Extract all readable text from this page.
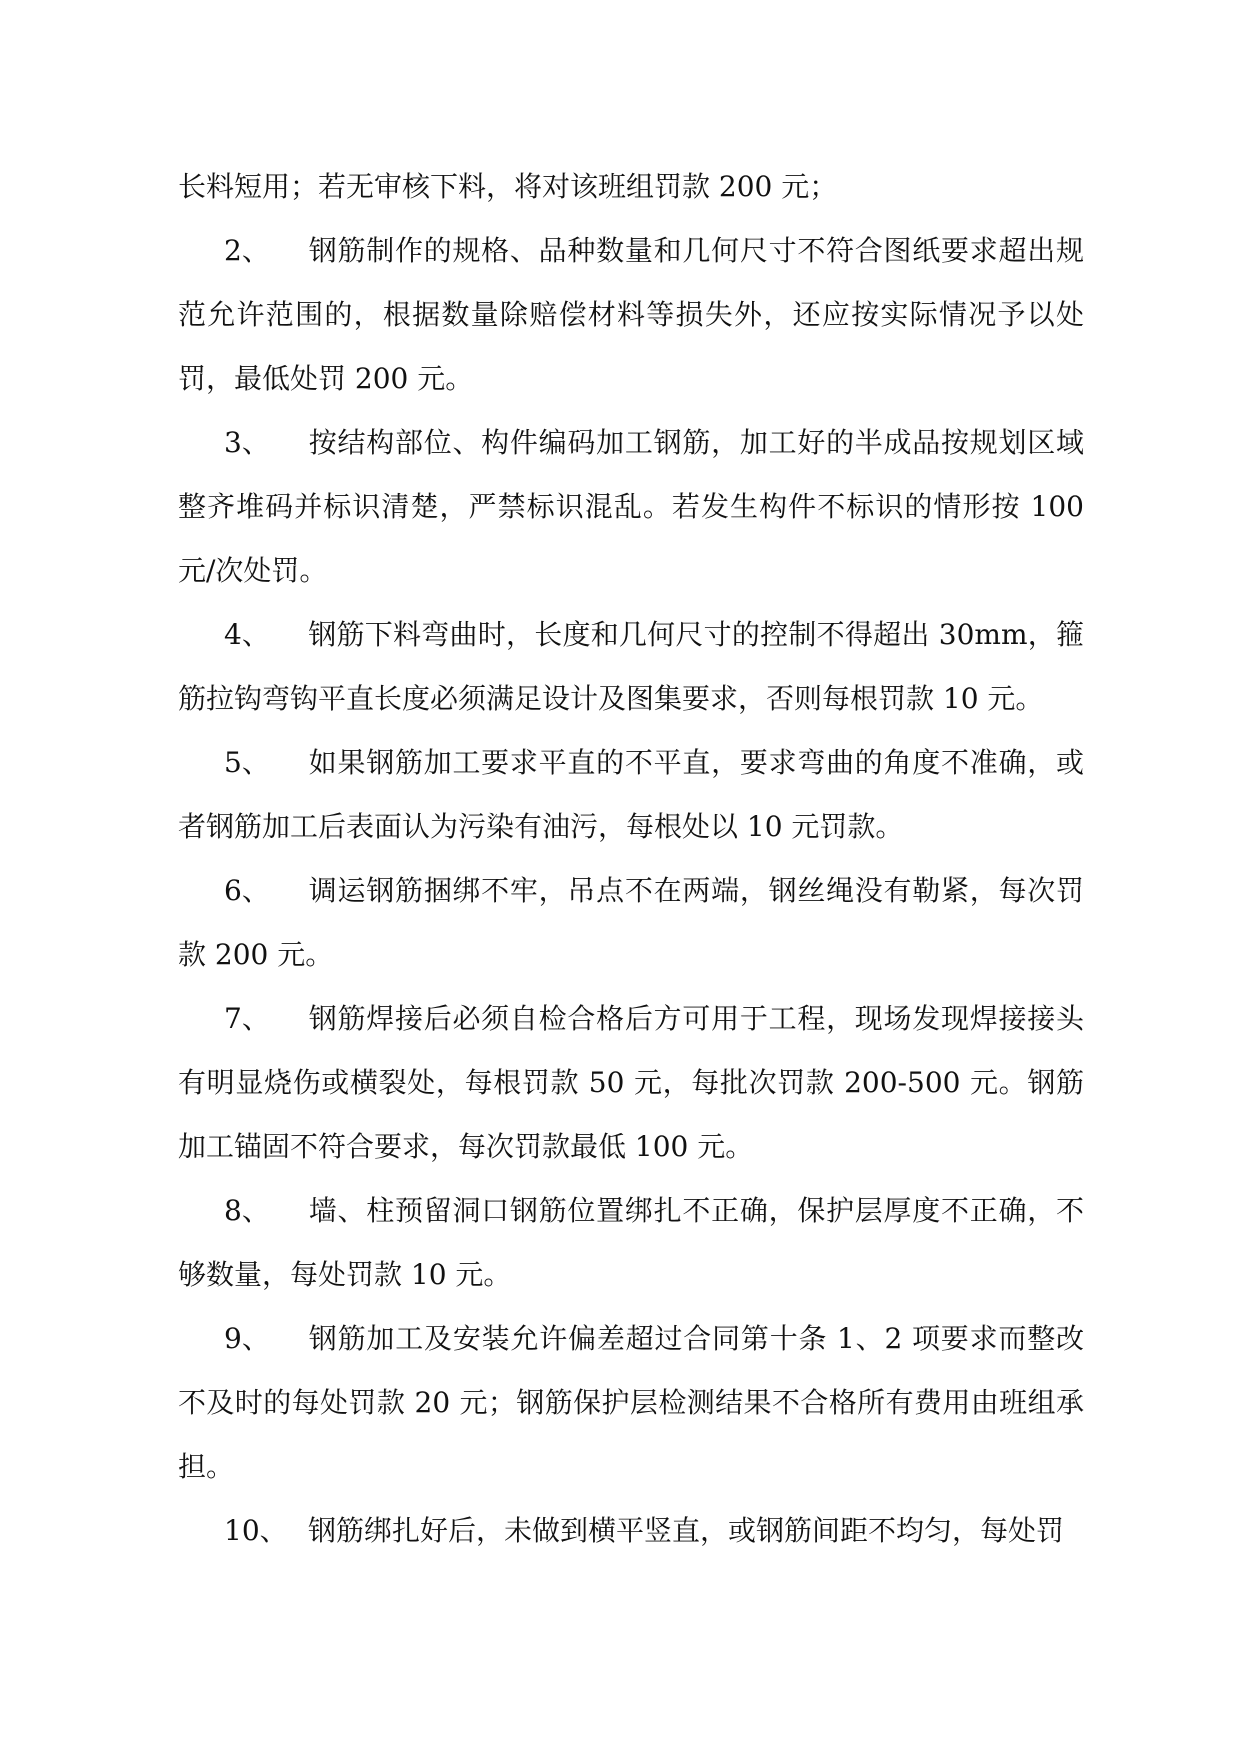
长料短用；若无审核下料，将对该班组罚款 200 元；

2、 钢筋制作的规格、品种数量和几何尺寸不符合图纸要求超出规范允许范围的，根据数量除赔偿材料等损失外，还应按实际情况予以处罚，最低处罚 200 元。

3、 按结构部位、构件编码加工钢筋，加工好的半成品按规划区域整齐堆码并标识清楚，严禁标识混乱。若发生构件不标识的情形按 100 元/次处罚。

4、 钢筋下料弯曲时，长度和几何尺寸的控制不得超出 30mm，箍筋拉钩弯钩平直长度必须满足设计及图集要求，否则每根罚款 10 元。

5、 如果钢筋加工要求平直的不平直，要求弯曲的角度不准确，或者钢筋加工后表面认为污染有油污，每根处以 10 元罚款。

6、 调运钢筋捆绑不牢，吊点不在两端，钢丝绳没有勒紧，每次罚款 200 元。

7、 钢筋焊接后必须自检合格后方可用于工程，现场发现焊接接头有明显烧伤或横裂处，每根罚款 50 元，每批次罚款 200-500 元。钢筋加工锚固不符合要求，每次罚款最低 100 元。

8、 墙、柱预留洞口钢筋位置绑扎不正确，保护层厚度不正确，不够数量，每处罚款 10 元。

9、 钢筋加工及安装允许偏差超过合同第十条 1、2 项要求而整改不及时的每处罚款 20 元；钢筋保护层检测结果不合格所有费用由班组承担。

10、 钢筋绑扎好后，未做到横平竖直，或钢筋间距不均匀，每处罚
